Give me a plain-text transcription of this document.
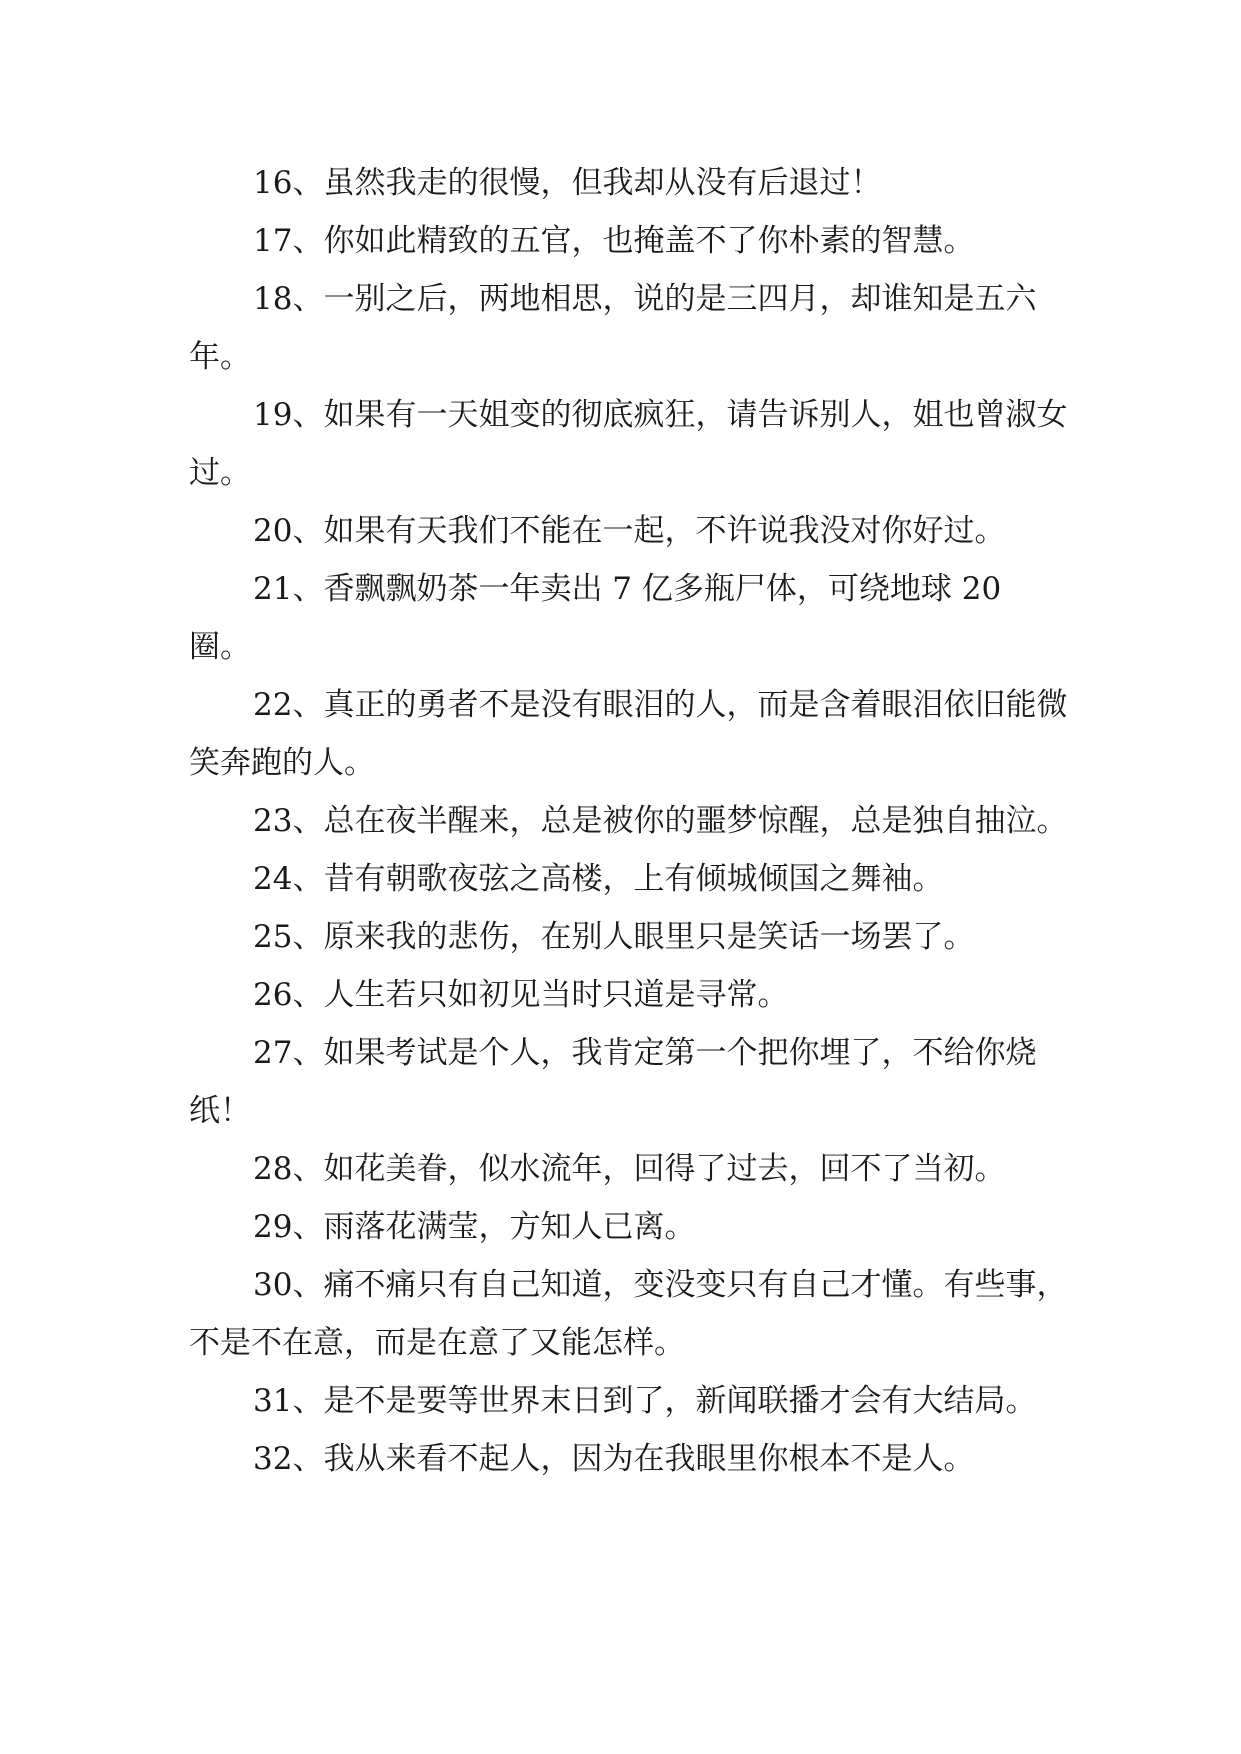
16、虽然我走的很慢，但我却从没有后退过！

17、你如此精致的五官，也掩盖不了你朴素的智慧。

18、一别之后，两地相思，说的是三四月，却谁知是五六年。

19、如果有一天姐变的彻底疯狂，请告诉别人，姐也曾淑女过。

20、如果有天我们不能在一起，不许说我没对你好过。

21、香飘飘奶茶一年卖出 7 亿多瓶尸体，可绕地球 20 圈。

22、真正的勇者不是没有眼泪的人，而是含着眼泪依旧能微笑奔跑的人。

23、总在夜半醒来，总是被你的噩梦惊醒，总是独自抽泣。

24、昔有朝歌夜弦之高楼，上有倾城倾国之舞袖。

25、原来我的悲伤，在别人眼里只是笑话一场罢了。

26、人生若只如初见当时只道是寻常。

27、如果考试是个人，我肯定第一个把你埋了，不给你烧纸！

28、如花美眷，似水流年，回得了过去，回不了当初。

29、雨落花满莹，方知人已离。

30、痛不痛只有自己知道，变没变只有自己才懂。有些事，不是不在意，而是在意了又能怎样。

31、是不是要等世界末日到了，新闻联播才会有大结局。

32、我从来看不起人，因为在我眼里你根本不是人。
